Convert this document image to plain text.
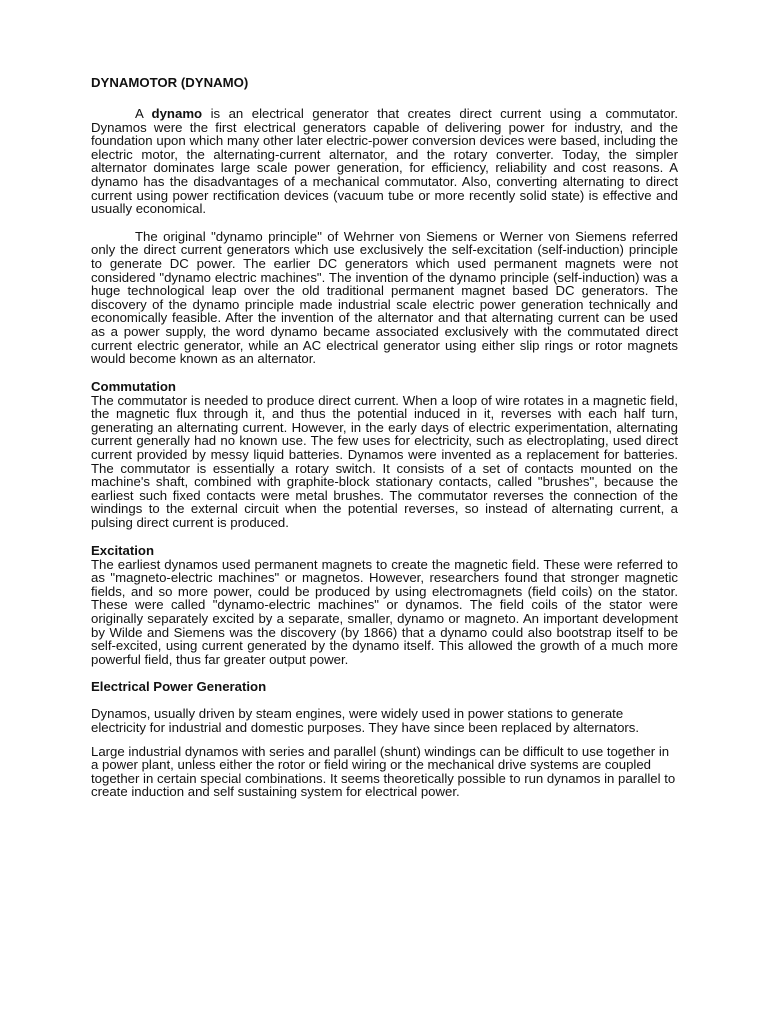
DYNAMOTOR (DYNAMO)

A dynamo is an electrical generator that creates direct current using a commutator. Dynamos were the first electrical generators capable of delivering power for industry, and the foundation upon which many other later electric-power conversion devices were based, including the electric motor, the alternating-current alternator, and the rotary converter. Today, the simpler alternator dominates large scale power generation, for efficiency, reliability and cost reasons. A dynamo has the disadvantages of a mechanical commutator. Also, converting alternating to direct current using power rectification devices (vacuum tube or more recently solid state) is effective and usually economical.

The original "dynamo principle" of Wehrner von Siemens or Werner von Siemens referred only the direct current generators which use exclusively the self-excitation (self-induction) principle to generate DC power. The earlier DC generators which used permanent magnets were not considered "dynamo electric machines". The invention of the dynamo principle (self-induction) was a huge technological leap over the old traditional permanent magnet based DC generators. The discovery of the dynamo principle made industrial scale electric power generation technically and economically feasible. After the invention of the alternator and that alternating current can be used as a power supply, the word dynamo became associated exclusively with the commutated direct current electric generator, while an AC electrical generator using either slip rings or rotor magnets would become known as an alternator.

Commutation

The commutator is needed to produce direct current. When a loop of wire rotates in a magnetic field, the magnetic flux through it, and thus the potential induced in it, reverses with each half turn, generating an alternating current. However, in the early days of electric experimentation, alternating current generally had no known use. The few uses for electricity, such as electroplating, used direct current provided by messy liquid batteries. Dynamos were invented as a replacement for batteries. The commutator is essentially a rotary switch. It consists of a set of contacts mounted on the machine's shaft, combined with graphite-block stationary contacts, called "brushes", because the earliest such fixed contacts were metal brushes. The commutator reverses the connection of the windings to the external circuit when the potential reverses, so instead of alternating current, a pulsing direct current is produced.

Excitation

The earliest dynamos used permanent magnets to create the magnetic field. These were referred to as "magneto-electric machines" or magnetos. However, researchers found that stronger magnetic fields, and so more power, could be produced by using electromagnets (field coils) on the stator. These were called "dynamo-electric machines" or dynamos. The field coils of the stator were originally separately excited by a separate, smaller, dynamo or magneto. An important development by Wilde and Siemens was the discovery (by 1866) that a dynamo could also bootstrap itself to be self-excited, using current generated by the dynamo itself. This allowed the growth of a much more powerful field, thus far greater output power.

Electrical Power Generation

Dynamos, usually driven by steam engines, were widely used in power stations to generate electricity for industrial and domestic purposes. They have since been replaced by alternators.

Large industrial dynamos with series and parallel (shunt) windings can be difficult to use together in a power plant, unless either the rotor or field wiring or the mechanical drive systems are coupled together in certain special combinations. It seems theoretically possible to run dynamos in parallel to create induction and self sustaining system for electrical power.
